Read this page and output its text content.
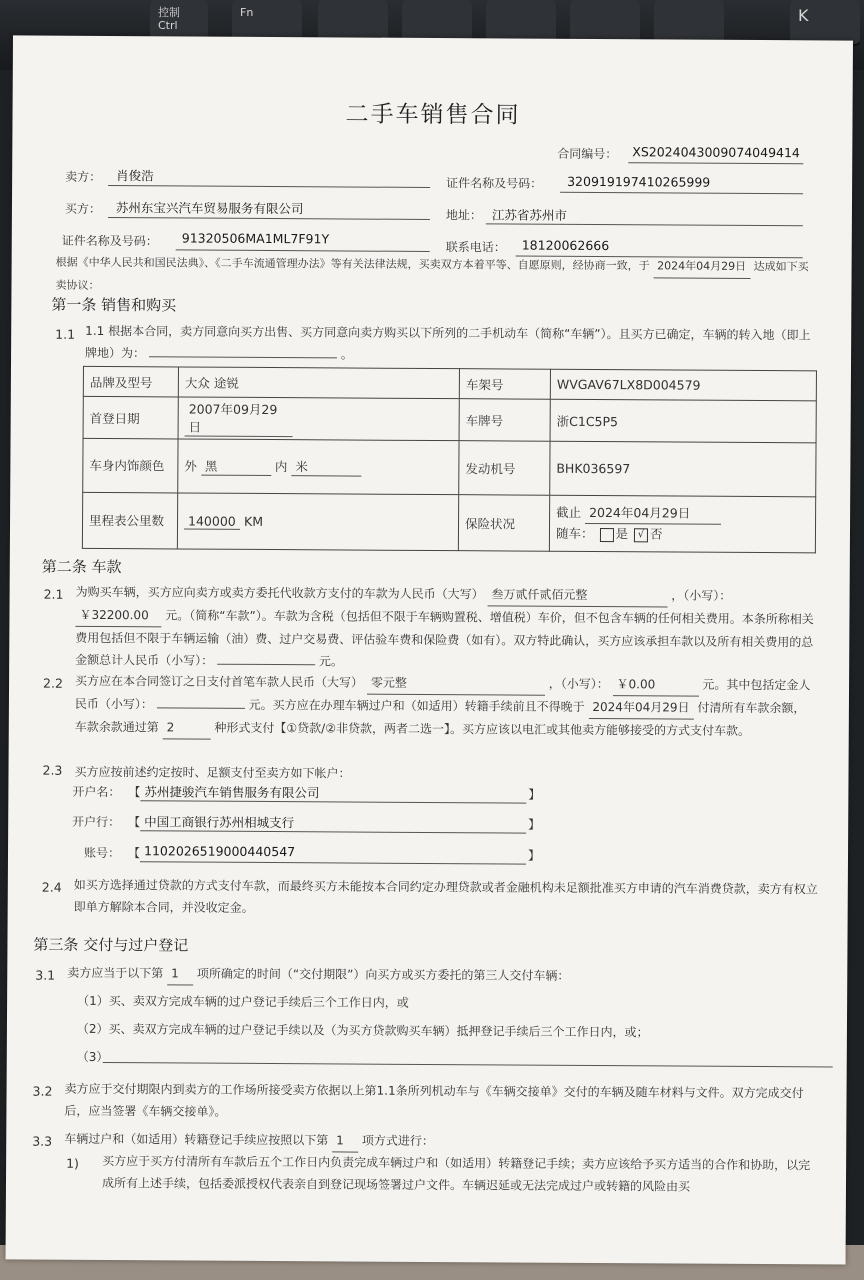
控制
Ctrl
Fn	K
二手车销售合同
合同编号： XS2024043009074049414
卖方： 肖俊浩
证件名称及号码： 320919197410265999
买方： 苏州东宝兴汽车贸易服务有限公司	地址： 江苏省苏州市
证件名称及号码： 91320506MA1ML7F91Y
联系电话： 18120062666
根据《中华人民共和国民法典》、《二手车流通管理办法》等有关法律法规，买卖双方本着平等、自愿原则，经协商一致，于 2024年04月29日 达成如下买卖协议：
第一条 销售和购买
1.1 1.1 根据本合同，卖方同意向买方出售、买方同意向卖方购买以下所列的二手机动车（简称“车辆”）。且买方已确定，车辆的转入地（即上牌地）为：	。
品牌及型号	大众 途锐	车架号	WVGAV67LX8D004579
首登日期	2007年09月29日	车牌号	浙C1C5P5
车身内饰颜色	外 黑 内 米	发动机号	BHK036597
里程表公里数	140000 KM	保险状况	截止 2024年04月29日
随车： 是 √ 否
第二条 车款
2.1 为购买车辆，买方应向卖方或卖方委托代收款方支付的车款为人民币（大写） 叁万贰仟贰佰元整	，（小写）： ￥32200.00 元。（简称“车款”）。车款为含税（包括但不限于车辆购置税、增值税）车价，但不包含车辆的任何相关费用。本条所称相关费用包括但不限于车辆运输（油）费、过户交易费、评估验车费和保险费（如有）。双方特此确认，买方应该承担车款以及所有相关费用的总金额总计人民币（小写）：	元。
2.2 买方应在本合同签订之日支付首笔车款人民币（大写） 零元整	，（小写）： ￥0.00	元。其中包括定金人民币（小写）：	元。买方应在办理车辆过户和（如适用）转籍手续前且不得晚于 2024年04月29日 付清所有车款余额，车款余款通过第 2	种形式支付【①贷款/②非贷款，两者二选一】。买方应该以电汇或其他卖方能够接受的方式支付车款。
2.3 买方应按前述约定按时、足额支付至卖方如下帐户：
开户名： 【 苏州捷骏汽车销售服务有限公司	】
开户行： 【 中国工商银行苏州相城支行	】
账号： 【 1102026519000440547	】
2.4 如买方选择通过贷款的方式支付车款，而最终买方未能按本合同约定办理贷款或者金融机构未足额批准买方申请的汽车消费贷款，卖方有权立即单方解除本合同，并没收定金。
第三条 交付与过户登记
3.1 卖方应当于以下第 1 项所确定的时间（“交付期限”）向买方或买方委托的第三人交付车辆：
（1）买、卖双方完成车辆的过户登记手续后三个工作日内，或
（2）买、卖双方完成车辆的过户登记手续以及（为买方贷款购买车辆）抵押登记手续后三个工作日内，或；
（3）
3.2 卖方应于交付期限内到卖方的工作场所接受卖方依据以上第1.1条所列机动车与《车辆交接单》交付的车辆及随车材料与文件。双方完成交付后，应当签署《车辆交接单》。
3.3 车辆过户和（如适用）转籍登记手续应按照以下第 1 项方式进行：
1) 买方应于买方付清所有车款后五个工作日内负责完成车辆过户和（如适用）转籍登记手续；卖方应该给予买方适当的合作和协助，以完成所有上述手续，包括委派授权代表亲自到登记现场签署过户文件。车辆迟延或无法完成过户或转籍的风险由买
